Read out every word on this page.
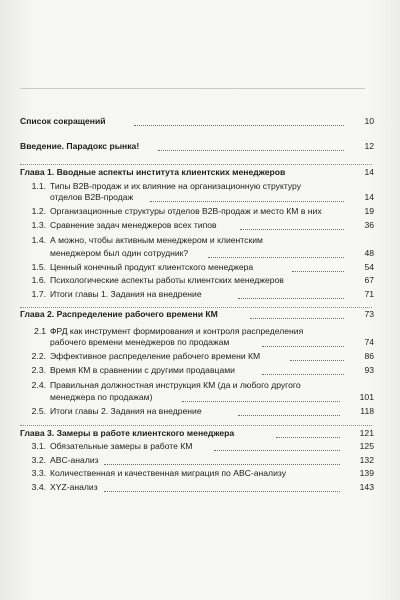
Список сокращений	10
Введение. Парадокс рынка!	12
Глава 1. Вводные аспекты института клиентских менеджеров	14
1.1. Типы B2B-продаж и их влияние на организационную структуру
отделов B2B-продаж	14
1.2. Организационные структуры отделов B2B-продаж и место КМ в них	19
1.3. Сравнение задач менеджеров всех типов	36
1.4. А можно, чтобы активным менеджером и клиентским
менеджером был один сотрудник?	48
1.5. Ценный конечный продукт клиентского менеджера	54
1.6. Психологические аспекты работы клиентских менеджеров	67
1.7. Итоги главы 1. Задания на внедрение	71
Глава 2. Распределение рабочего времени КМ	73
2.1 ФРД как инструмент формирования и контроля распределения
рабочего времени менеджеров по продажам	74
2.2. Эффективное распределение рабочего времени КМ	86
2.3. Время КМ в сравнении с другими продавцами	93
2.4. Правильная должностная инструкция КМ (да и любого другого
менеджера по продажам)	101
2.5. Итоги главы 2. Задания на внедрение	118
Глава 3. Замеры в работе клиентского менеджера	121
3.1. Обязательные замеры в работе КМ	125
3.2. ABC-анализ	132
3.3. Количественная и качественная миграция по ABC-анализу	139
3.4. XYZ-анализ	143
